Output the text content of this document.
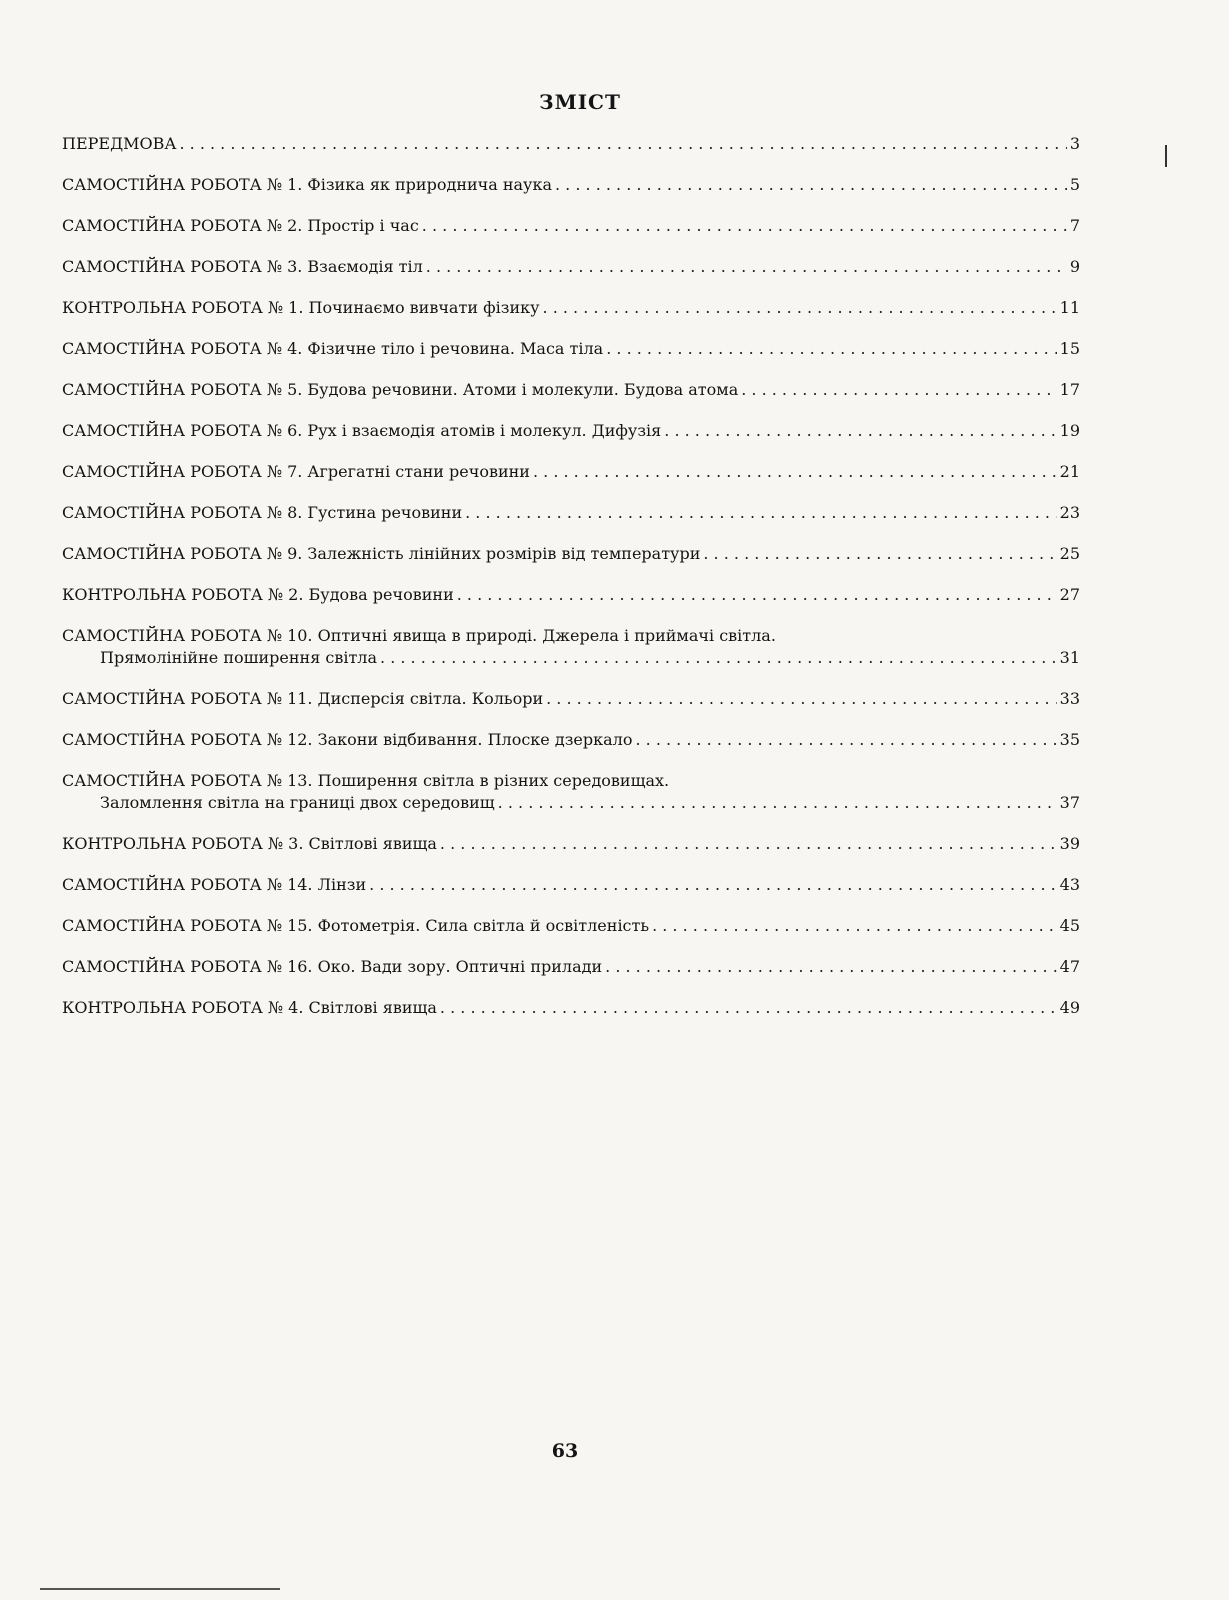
ЗМІСТ
ПЕРЕДМОВА . . .	3
САМОСТІЙНА РОБОТА № 1.
Фізика як природнича наука . . .	5
САМОСТІЙНА РОБОТА № 2.
Простір і час . . .	7
САМОСТІЙНА РОБОТА № 3.
Взаємодія тіл . . .	9
КОНТРОЛЬНА РОБОТА № 1.
Починаємо вивчати фізику . . .	11
САМОСТІЙНА РОБОТА № 4.
Фізичне тіло і речовина. Маса тіла . . .	15
САМОСТІЙНА РОБОТА № 5.
Будова речовини. Атоми і молекули. Будова атома . . .	17
САМОСТІЙНА РОБОТА № 6.
Рух і взаємодія атомів і молекул. Дифузія . . .	19
САМОСТІЙНА РОБОТА № 7.
Агрегатні стани речовини . . .	21
САМОСТІЙНА РОБОТА № 8.
Густина речовини . . .	23
САМОСТІЙНА РОБОТА № 9.
Залежність лінійних розмірів від температури . . .	25
КОНТРОЛЬНА РОБОТА № 2.
Будова речовини . . .	27
САМОСТІЙНА РОБОТА № 10.
Оптичні явища в природі. Джерела і приймачі світла.
Прямолінійне поширення світла . . .	31
САМОСТІЙНА РОБОТА № 11.
Дисперсія світла. Кольори . . .	33
САМОСТІЙНА РОБОТА № 12.
Закони відбивання. Плоске дзеркало . . .	35
САМОСТІЙНА РОБОТА № 13.
Поширення світла в різних середовищах.
Заломлення світла на границі двох середовищ . . .	37
КОНТРОЛЬНА РОБОТА № 3.
Світлові явища . . .	39
САМОСТІЙНА РОБОТА № 14.
Лінзи . . .	43
САМОСТІЙНА РОБОТА № 15.
Фотометрія. Сила світла й освітленість . . .	45
САМОСТІЙНА РОБОТА № 16.
Око. Вади зору. Оптичні прилади . . .	47
КОНТРОЛЬНА РОБОТА № 4.
Світлові явища . . .	49
63
